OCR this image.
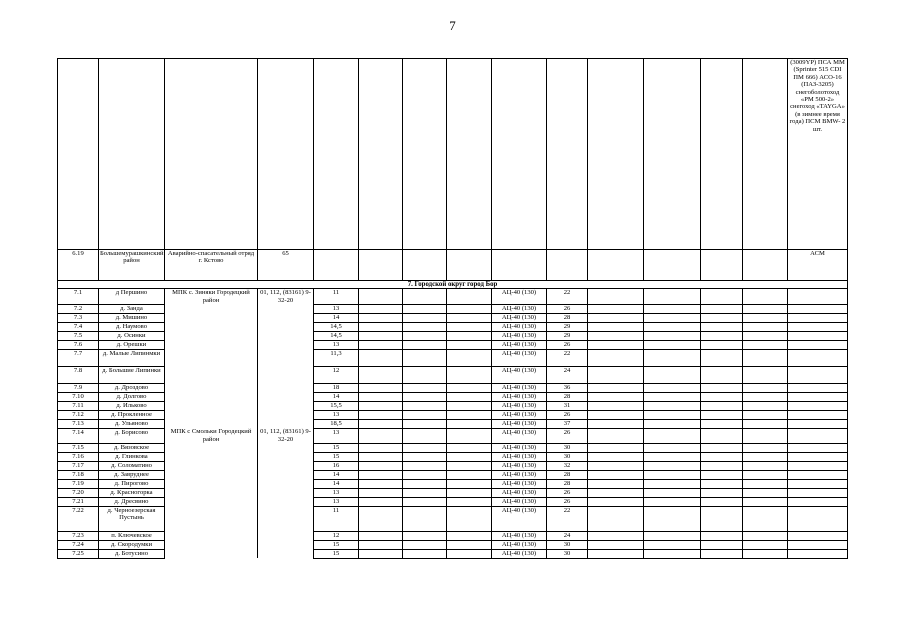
7
														(3009YP) ПСА ММ (Sprinter 515 CDI ПМ 666) АСО-16 (ПАЗ-3205) снегоболотоход «РМ 500-2» снегоход «TAYGA» (в зимнее время года) ПСМ BMW- 2 шт.
6.19	Большемурашкинский район	Аварийно-спасательный отряд г. Кстово	65											АСМ
7. Городской округ город Бор														
7.1	д Першино	МПК с. Зиняки Городецкий район	01, 112, (83161) 9-32-20	11				АЦ-40 (130)	22					
7.2	д. Занда			13				АЦ-40 (130)	26					
7.3	д. Мишино			14				АЦ-40 (130)	28					
7.4	д. Наумово			14,5				АЦ-40 (130)	29					
7.5	д. Осинки			14,5				АЦ-40 (130)	29					
7.6	д. Орешки			13				АЦ-40 (130)	26					
7.7	д. Малые Липинмки			11,3				АЦ-40 (130)	22					
7.8	д. Большие Липинки			12				АЦ-40 (130)	24					
7.9	д. Дроздово			18				АЦ-40 (130)	36					
7.10	д. Долгово			14				АЦ-40 (130)	28					
7.11	д. Ильково			15,5				АЦ-40 (130)	31					
7.12	д. Прокленное			13				АЦ-40 (130)	26					
7.13	д. Ульяново			18,5				АЦ-40 (130)	37					
7.14	д. Борисово	МПК с Смольки Городецкий район	01, 112, (83161) 9-32-20	13				АЦ-40 (130)	26					
7.15	д. Вязовское			15				АЦ-40 (130)	30					
7.16	д. Глинкова			15				АЦ-40 (130)	30					
7.17	д. Соломатино			16				АЦ-40 (130)	32					
7.18	д. Завруднее			14				АЦ-40 (130)	28					
7.19	д. Пирогово			14				АЦ-40 (130)	28					
7.20	д. Красногорка			13				АЦ-40 (130)	26					
7.21	д. Дресвино			13				АЦ-40 (130)	26					
7.22	д. Черноезерская Пустынь			11				АЦ-40 (130)	22					
7.23	п. Ключевское			12				АЦ-40 (130)	24					
7.24	д. Скородумки			15				АЦ-40 (130)	30					
7.25	д. Ботусино			15				АЦ-40 (130)	30					
